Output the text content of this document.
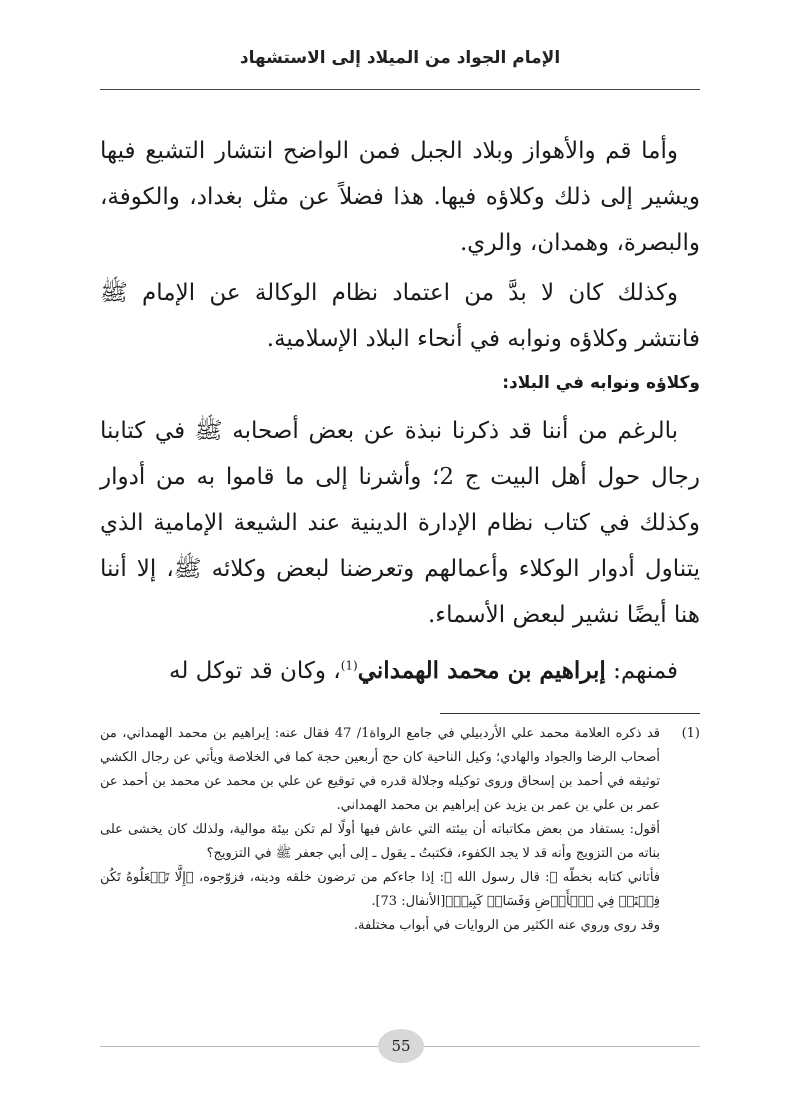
الإمام الجواد من الميلاد إلى الاستشهاد

وأما قم والأهواز وبلاد الجبل فمن الواضح انتشار التشيع فيها ويشير إلى ذلك وكلاؤه فيها. هذا فضلاً عن مثل بغداد، والكوفة، والبصرة، وهمدان، والري.

وكذلك كان لا بدَّ من اعتماد نظام الوكالة عن الإمام ﷺ فانتشر وكلاؤه ونوابه في أنحاء البلاد الإسلامية.

وكلاؤه ونوابه في البلاد:

بالرغم من أننا قد ذكرنا نبذة عن بعض أصحابه ﷺ في كتابنا رجال حول أهل البيت ج 2؛ وأشرنا إلى ما قاموا به من أدوار وكذلك في كتاب نظام الإدارة الدينية عند الشيعة الإمامية الذي يتناول أدوار الوكلاء وأعمالهم وتعرضنا لبعض وكلائه ﷺ، إلا أننا هنا أيضًا نشير لبعض الأسماء.

فمنهم: إبراهيم بن محمد الهمداني$^{(1)}$، وكان قد توكل له

(1)

قد ذكره العلامة محمد علي الأردبيلي في جامع الرواة1/ 47 فقال عنه: إبراهيم بن محمد الهمداني، من أصحاب الرضا والجواد والهادي؛ وكيل الناحية كان حج أربعين حجة كما في الخلاصة ويأتي عن رجال الكشي توثيقه في أحمد بن إسحاق وروى توكيله وجلالة قدره في توقيع عن علي بن محمد عن محمد بن أحمد عن عمر بن علي بن عمر بن يزيد عن إبراهيم بن محمد الهمداني.

أقول: يستفاد من بعض مكاتباته أن بيئته التي عاش فيها أولًا لم تكن بيئة موالية، ولذلك كان يخشى على بناته من التزويج وأنه قد لا يجد الكفوء، فكتبتُ ـ يقول ـ إلى أبي جعفر ﷺ في التزويج؟

فأتاني كتابه بخطّه ﷺ: قال رسول الله ﷺ: إذا جاءكم من ترضون خلقه ودينه، فزوّجوه، ﴿إِلَّا تَفۡعَلُوهُ تَكُن فِتۡنَةٞ فِي ٱلۡأَرۡضِ وَفَسَادٞ كَبِيرٞ﴾[الأنفال: 73].

وقد روى وروي عنه الكثير من الروايات في أبواب مختلفة.

55
